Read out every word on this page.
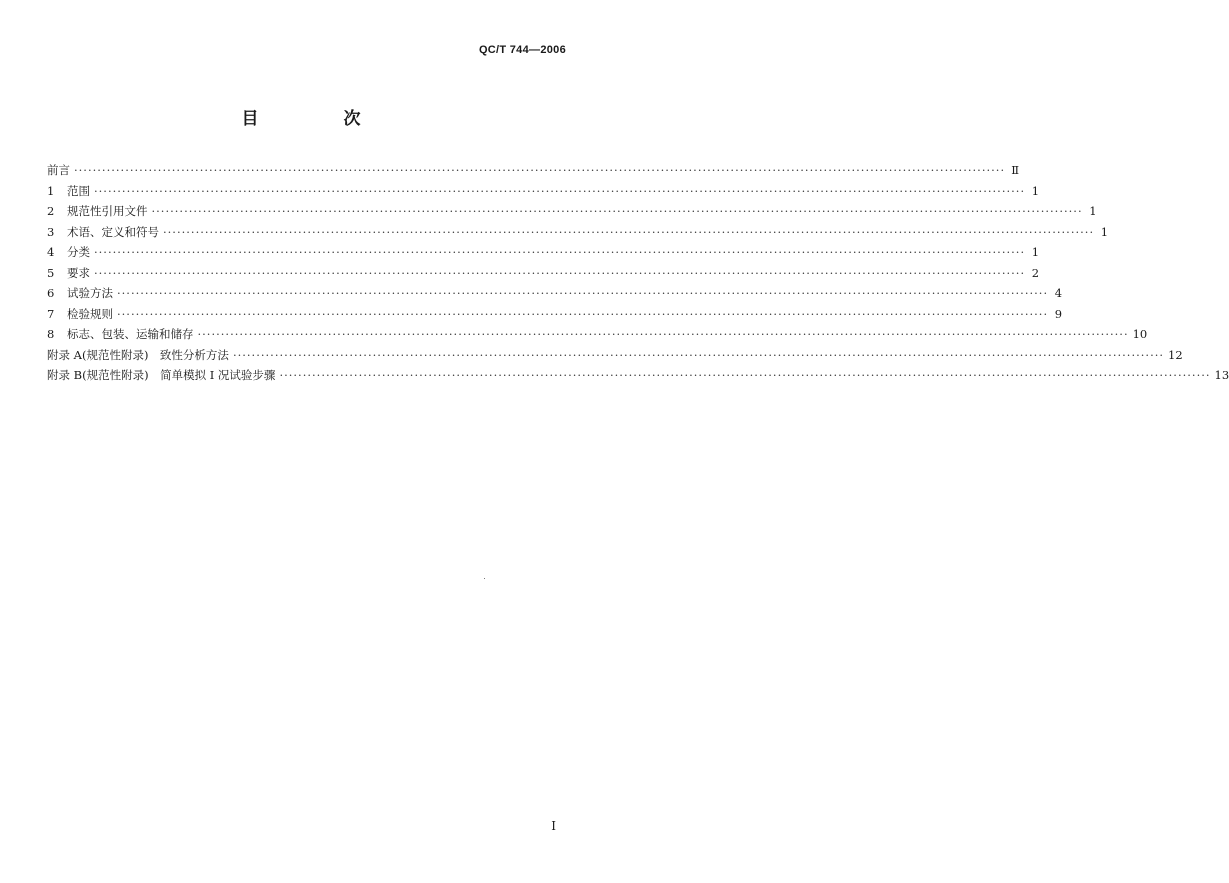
QC/T 744—2006
目　次
前言 ········································································································································································································ Ⅱ
1	范围 ········································································································································································································ 1
2	规范性引用文件 ········································································································································································································ 1
3	术语、定义和符号 ········································································································································································································ 1
4	分类 ········································································································································································································ 1
5	要求 ········································································································································································································ 2
6	试验方法 ········································································································································································································ 4
7	检验规则 ········································································································································································································ 9
8	标志、包装、运输和储存 ········································································································································································································ 10
附录 A(规范性附录)　致性分析方法 ········································································································································································································ 12
附录 B(规范性附录)　简单模拟 I 况试验步骤 ········································································································································································································ 13
I
